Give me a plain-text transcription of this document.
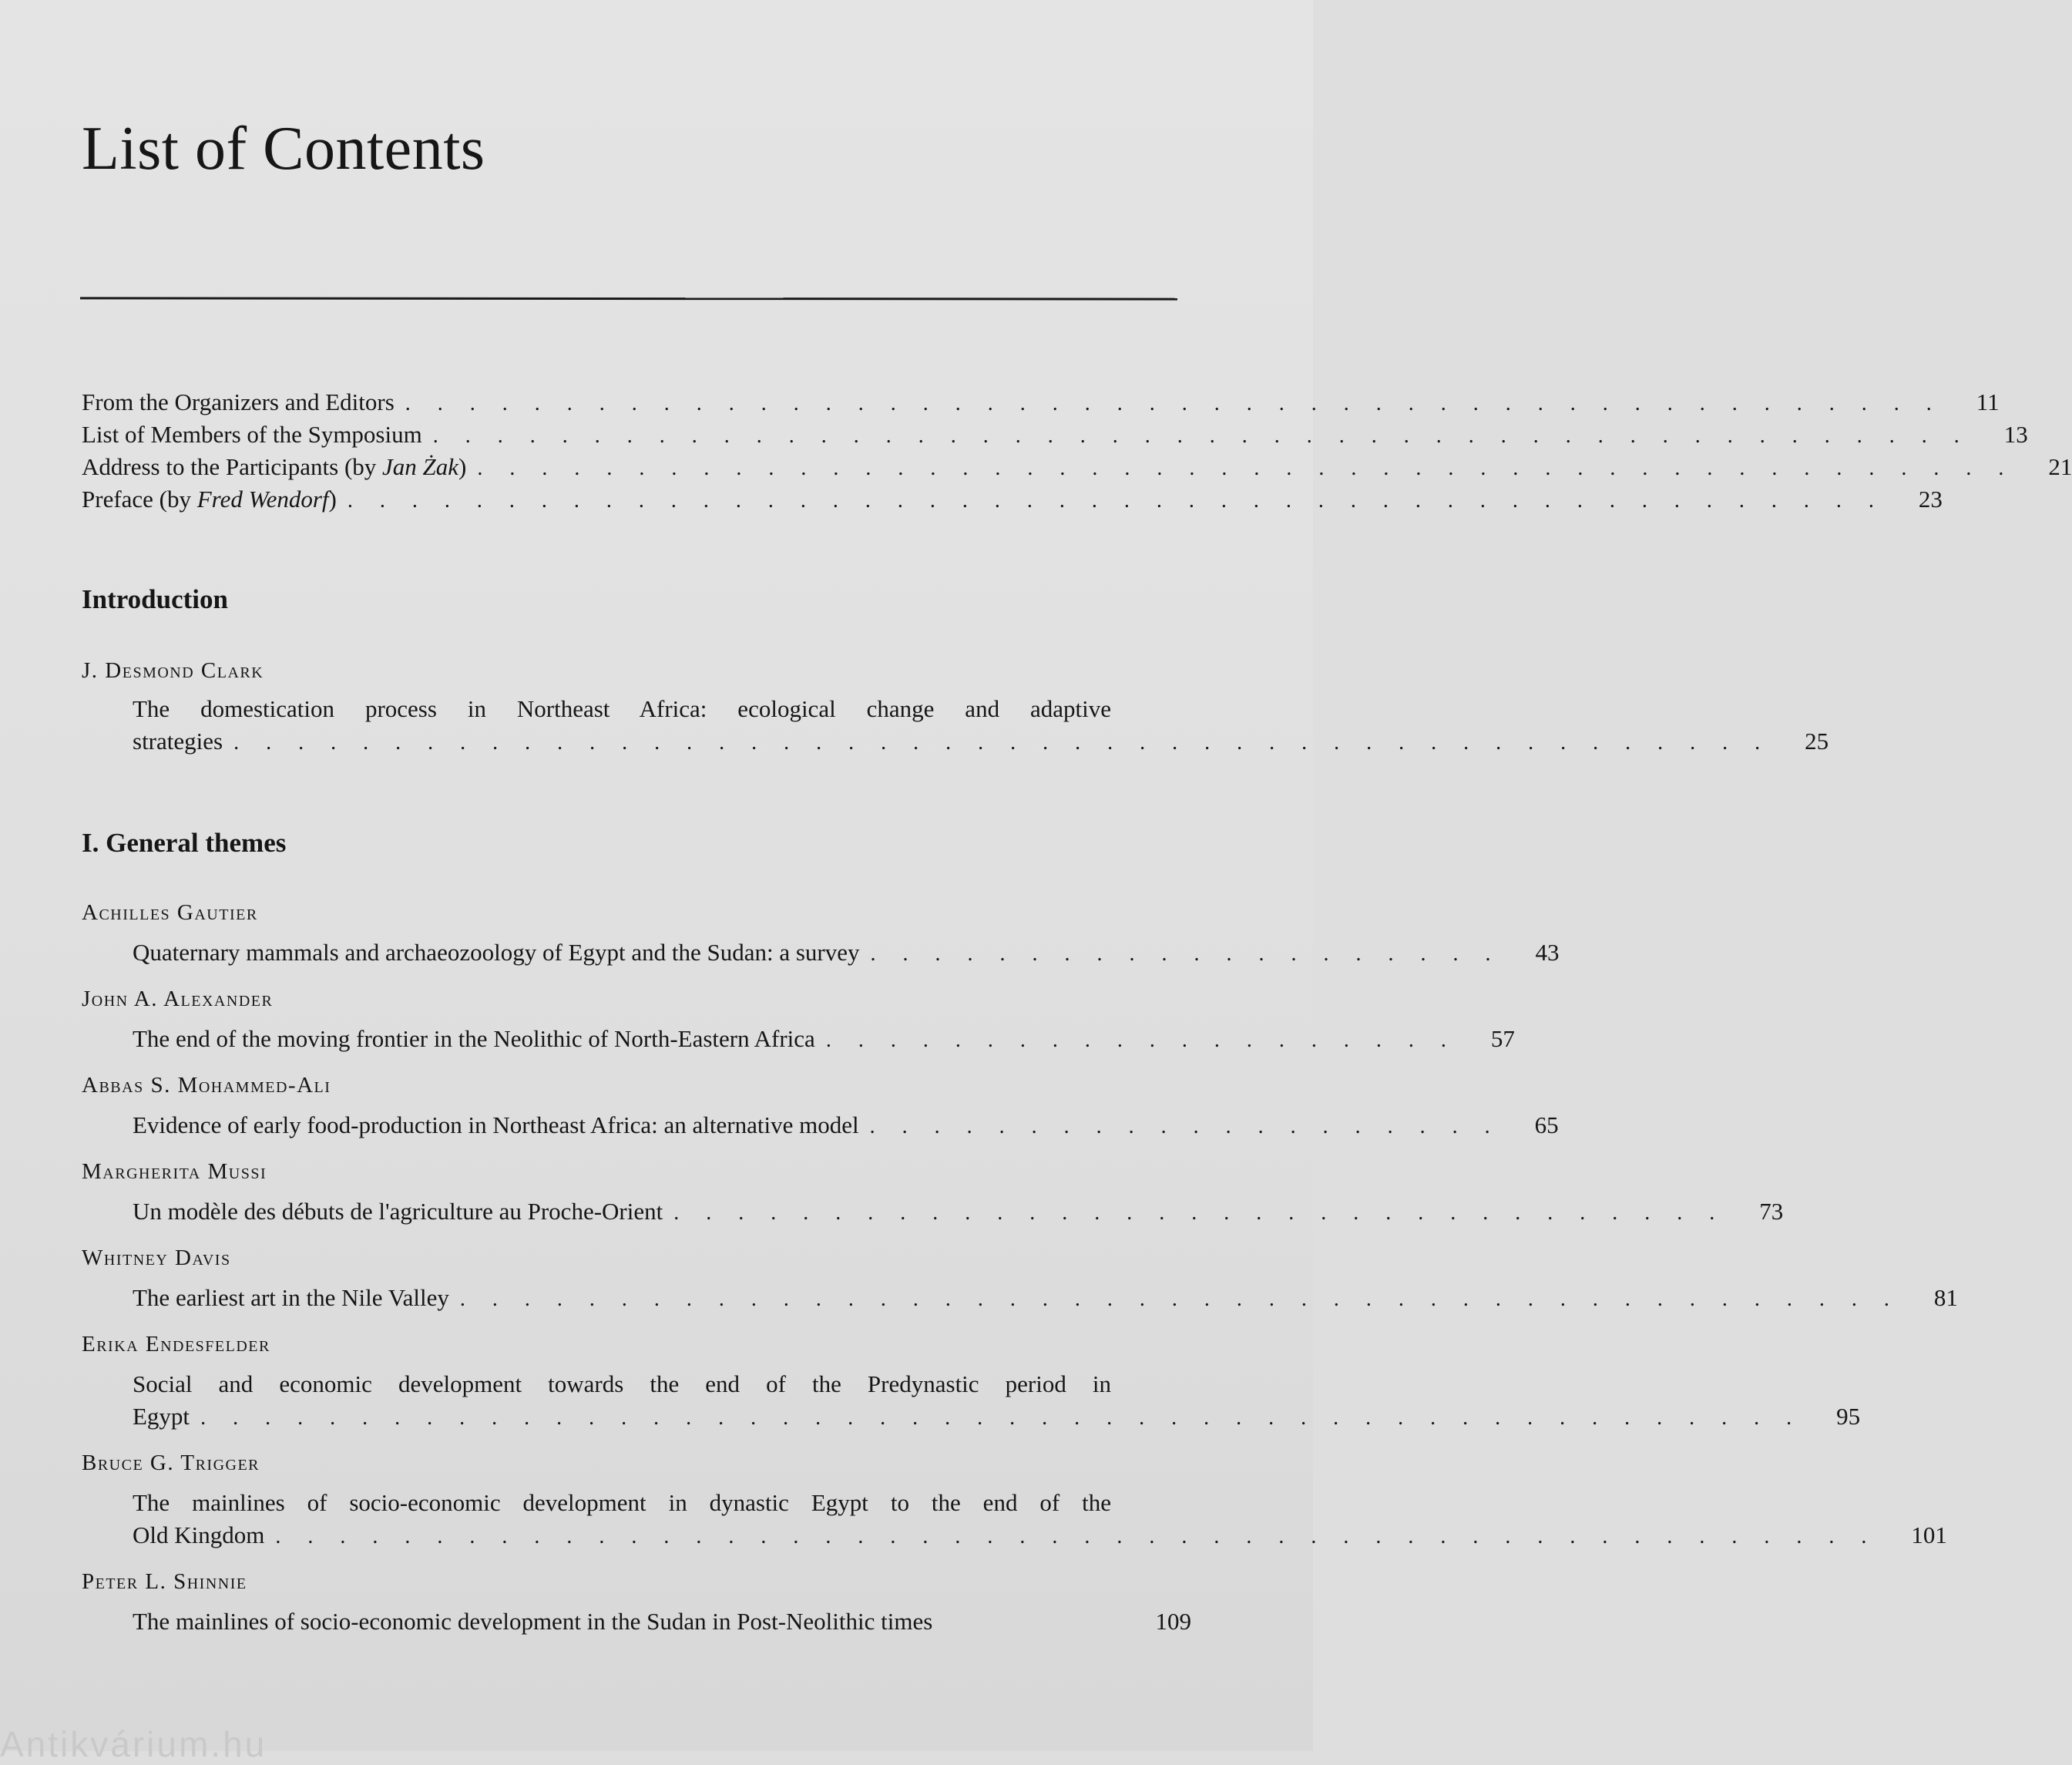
List of Contents
From the Organizers and Editors . . . . . . . . . . . . . . . . . . . . . . . . . . . . . . . . . . . . . . . . . . . . . . . . 11
List of Members of the Symposium . . . . . . . . . . . . . . . . . . . . . . . . . . . . . . . . . . . . . . . . . . . . . . . . 13
Address to the Participants (by Jan Żak) . . . . . . . . . . . . . . . . . . . . . . . . . . . . . . . . . . . . . . . . . . . . . . . . 21
Preface (by Fred Wendorf) . . . . . . . . . . . . . . . . . . . . . . . . . . . . . . . . . . . . . . . . . . . . . . . . 23
Introduction
J. Desmond Clark
The domestication process in Northeast Africa: ecological change and adaptive
strategies . . . . . . . . . . . . . . . . . . . . . . . . . . . . . . . . . . . . . . . . . . . . . . . . 25
I. General themes
Achilles Gautier
Quaternary mammals and archaeozoology of Egypt and the Sudan: a survey . . . . . . . . . . . . . . . . . . . . 43
John A. Alexander
The end of the moving frontier in the Neolithic of North-Eastern Africa . . . . . . . . . . . . . . . . . . . . 57
Abbas S. Mohammed-Ali
Evidence of early food-production in Northeast Africa: an alternative model . . . . . . . . . . . . . . . . . . . . 65
Margherita Mussi
Un modèle des débuts de l'agriculture au Proche-Orient . . . . . . . . . . . . . . . . . . . . . . . . . . . . . . . . . 73
Whitney Davis
The earliest art in the Nile Valley . . . . . . . . . . . . . . . . . . . . . . . . . . . . . . . . . . . . . . . . . . . . . 81
Erika Endesfelder
Social and economic development towards the end of the Predynastic period in
Egypt . . . . . . . . . . . . . . . . . . . . . . . . . . . . . . . . . . . . . . . . . . . . . . . . . . 95
Bruce G. Trigger
The mainlines of socio-economic development in dynastic Egypt to the end of the
Old Kingdom . . . . . . . . . . . . . . . . . . . . . . . . . . . . . . . . . . . . . . . . . . . . . . . . . . 101
Peter L. Shinnie
The mainlines of socio-economic development in the Sudan in Post-Neolithic times	109
Antikvárium.hu
